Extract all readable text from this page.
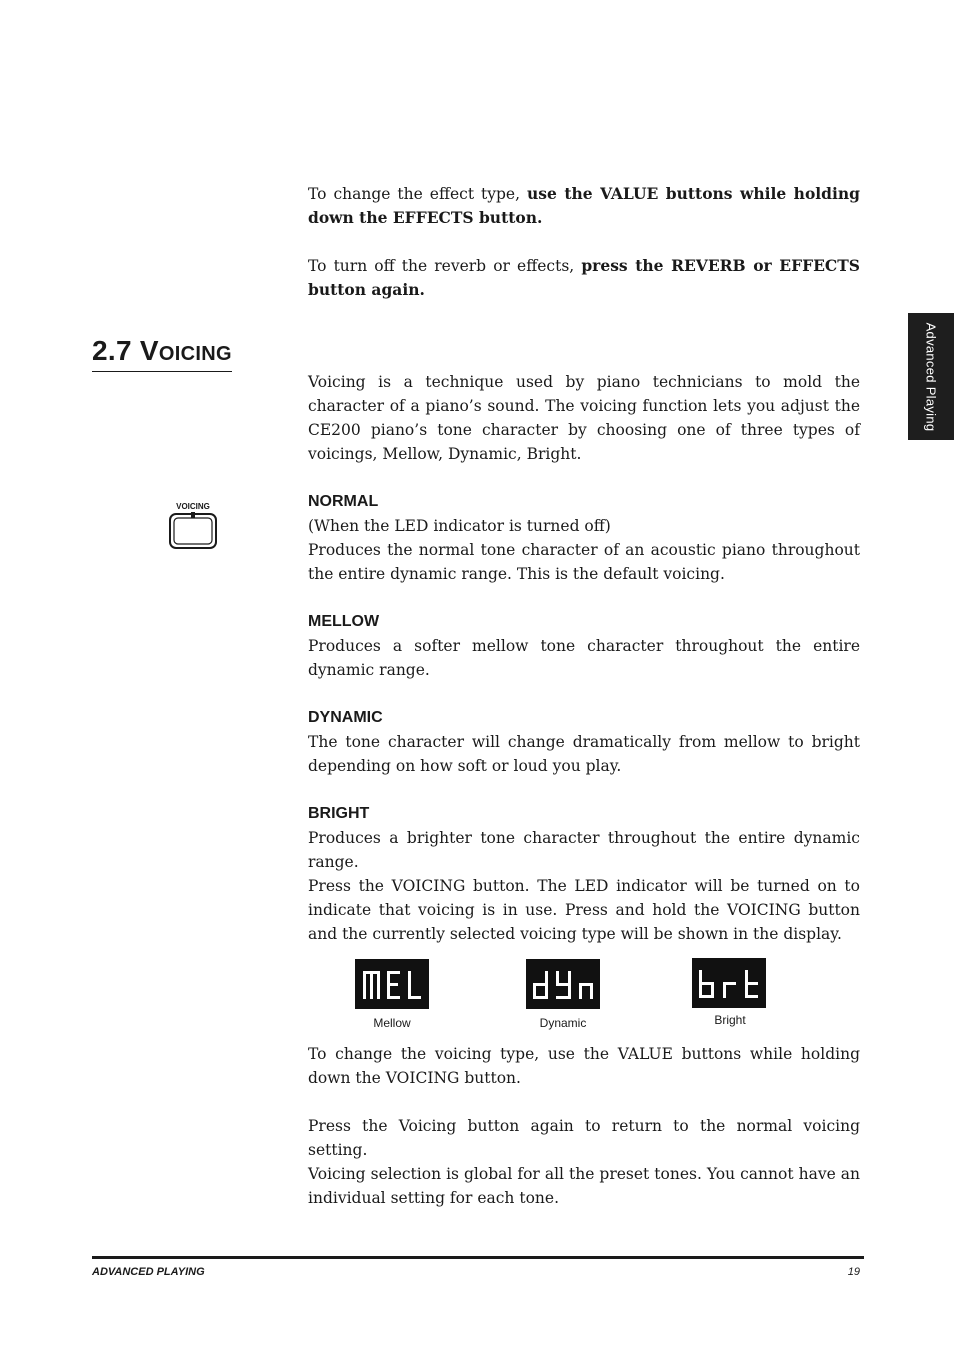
To change the effect type, use the VALUE buttons while holding down the EFFECTS button.
To turn off the reverb or effects, press the REVERB or EFFECTS button again.
2.7 VOICING	Advanced Playing
VOICING
Voicing is a technique used by piano technicians to mold the character of a piano’s sound. The voicing function lets you adjust the CE200 piano’s tone character by choosing one of three types of voicings, Mellow, Dynamic, Bright.
NORMAL
(When the LED indicator is turned off)
Produces the normal tone character of an acoustic piano throughout the entire dynamic range. This is the default voicing.
MELLOW
Produces a softer mellow tone character throughout the entire dynamic range.
DYNAMIC
The tone character will change dramatically from mellow to bright depending on how soft or loud you play.
BRIGHT
Produces a brighter tone character throughout the entire dynamic range.
Press the VOICING button. The LED indicator will be turned on to indicate that voicing is in use. Press and hold the VOICING button and the currently selected voicing type will be shown in the display.
Mellow	Dynamic	Bright
To change the voicing type, use the VALUE buttons while holding down the VOICING button.
Press the Voicing button again to return to the normal voicing setting.
Voicing selection is global for all the preset tones. You cannot have an individual setting for each tone.
ADVANCED PLAYING	19
